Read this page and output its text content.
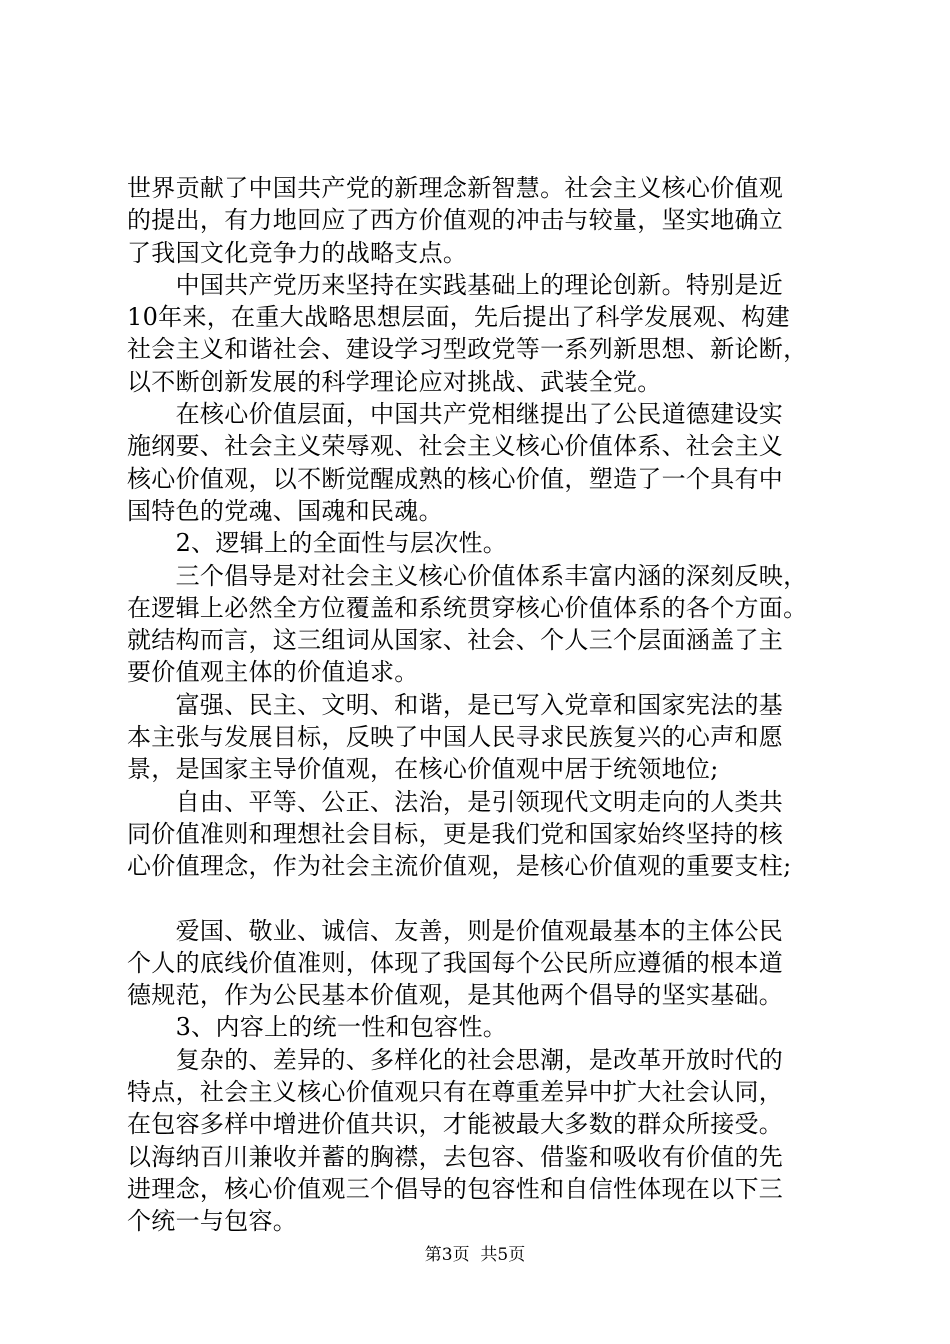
世界贡献了中国共产党的新理念新智慧。社会主义核心价值观
的提出，有力地回应了西方价值观的冲击与较量，坚实地确立
了我国文化竞争力的战略支点。
　　中国共产党历来坚持在实践基础上的理论创新。特别是近
10年来，在重大战略思想层面，先后提出了科学发展观、构建
社会主义和谐社会、建设学习型政党等一系列新思想、新论断，
以不断创新发展的科学理论应对挑战、武装全党。
　　在核心价值层面，中国共产党相继提出了公民道德建设实
施纲要、社会主义荣辱观、社会主义核心价值体系、社会主义
核心价值观，以不断觉醒成熟的核心价值，塑造了一个具有中
国特色的党魂、国魂和民魂。
　　2、逻辑上的全面性与层次性。
　　三个倡导是对社会主义核心价值体系丰富内涵的深刻反映，
在逻辑上必然全方位覆盖和系统贯穿核心价值体系的各个方面。
就结构而言，这三组词从国家、社会、个人三个层面涵盖了主
要价值观主体的价值追求。
　　富强、民主、文明、和谐，是已写入党章和国家宪法的基
本主张与发展目标，反映了中国人民寻求民族复兴的心声和愿
景，是国家主导价值观，在核心价值观中居于统领地位;
　　自由、平等、公正、法治，是引领现代文明走向的人类共
同价值准则和理想社会目标，更是我们党和国家始终坚持的核
心价值理念，作为社会主流价值观，是核心价值观的重要支柱;
　　爱国、敬业、诚信、友善，则是价值观最基本的主体公民
个人的底线价值准则，体现了我国每个公民所应遵循的根本道
德规范，作为公民基本价值观，是其他两个倡导的坚实基础。
　　3、内容上的统一性和包容性。
　　复杂的、差异的、多样化的社会思潮，是改革开放时代的
特点，社会主义核心价值观只有在尊重差异中扩大社会认同，
在包容多样中增进价值共识，才能被最大多数的群众所接受。
以海纳百川兼收并蓄的胸襟，去包容、借鉴和吸收有价值的先
进理念，核心价值观三个倡导的包容性和自信性体现在以下三
个统一与包容。
第3页  共5页
